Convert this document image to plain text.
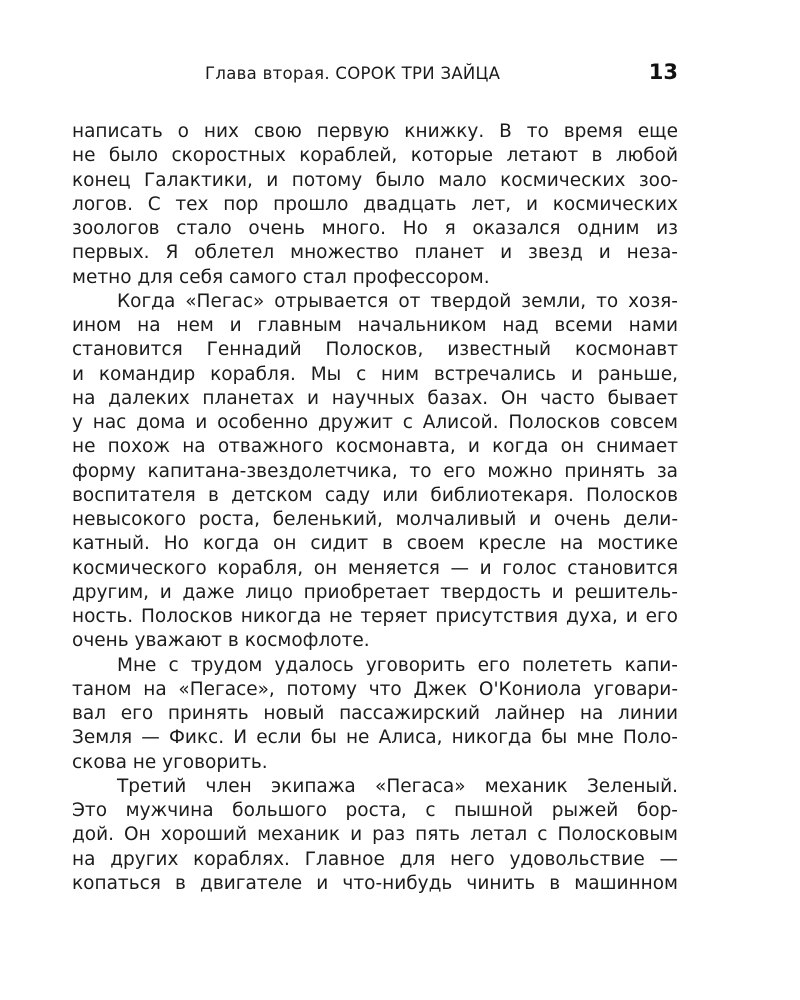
Глава вторая. СОРОК ТРИ ЗАЙЦА	13
написать о них свою первую книжку. В то время еще
не было скоростных кораблей, которые летают в любой
конец Галактики, и потому было мало космических зоо-
логов. С тех пор прошло двадцать лет, и космических
зоологов стало очень много. Но я оказался одним из
первых. Я облетел множество планет и звезд и неза-
метно для себя самого стал профессором.
Когда «Пегас» отрывается от твердой земли, то хозя-
ином на нем и главным начальником над всеми нами
становится Геннадий Полосков, известный космонавт
и командир корабля. Мы с ним встречались и раньше,
на далеких планетах и научных базах. Он часто бывает
у нас дома и особенно дружит с Алисой. Полосков совсем
не похож на отважного космонавта, и когда он снимает
форму капитана-звездолетчика, то его можно принять за
воспитателя в детском саду или библиотекаря. Полосков
невысокого роста, беленький, молчаливый и очень дели-
катный. Но когда он сидит в своем кресле на мостике
космического корабля, он меняется — и голос становится
другим, и даже лицо приобретает твердость и решитель-
ность. Полосков никогда не теряет присутствия духа, и его
очень уважают в космофлоте.
Мне с трудом удалось уговорить его полететь капи-
таном на «Пегасе», потому что Джек О'Кониола уговари-
вал его принять новый пассажирский лайнер на линии
Земля — Фикс. И если бы не Алиса, никогда бы мне Поло-
скова не уговорить.
Третий член экипажа «Пегаса» механик Зеленый.
Это мужчина большого роста, с пышной рыжей бор-
дой. Он хороший механик и раз пять летал с Полосковым
на других кораблях. Главное для него удовольствие —
копаться в двигателе и что-нибудь чинить в машинном
